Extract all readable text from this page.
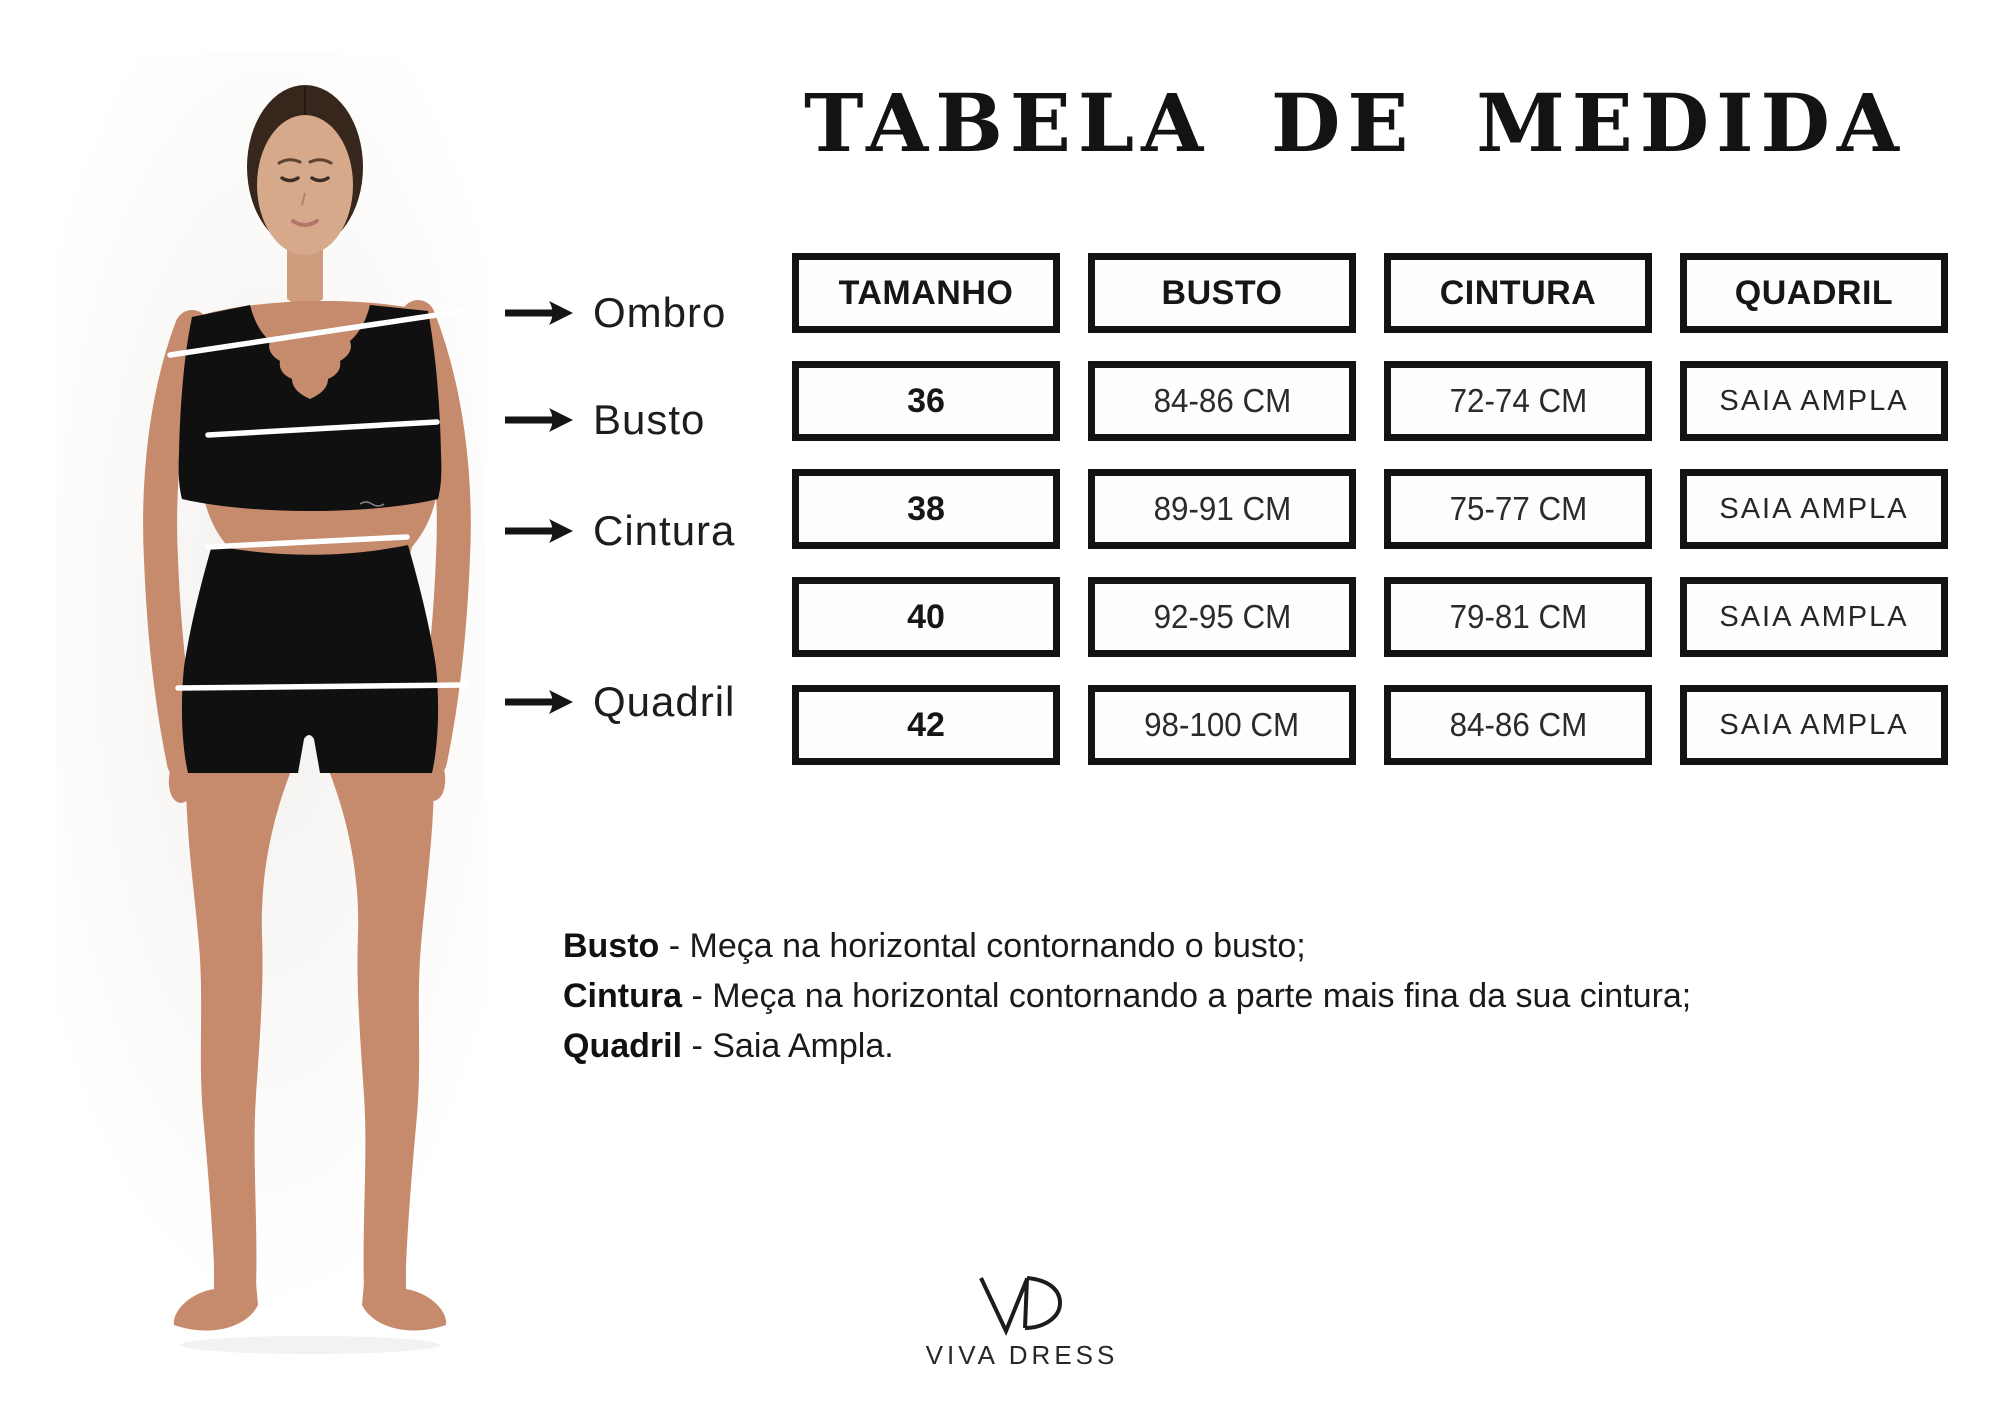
Ombro
Busto
Cintura
Quadril
TABELA DE MEDIDA
TAMANHO	BUSTO	CINTURA	QUADRIL
36	84-86 CM	72-74 CM	SAIA AMPLA
38	89-91 CM	75-77 CM	SAIA AMPLA
40	92-95 CM	79-81 CM	SAIA AMPLA
42	98-100 CM	84-86 CM	SAIA AMPLA
Busto - Meça na horizontal contornando o busto;
Cintura - Meça na horizontal contornando a parte mais fina da sua cintura;
Quadril - Saia Ampla.
VIVA DRESS
